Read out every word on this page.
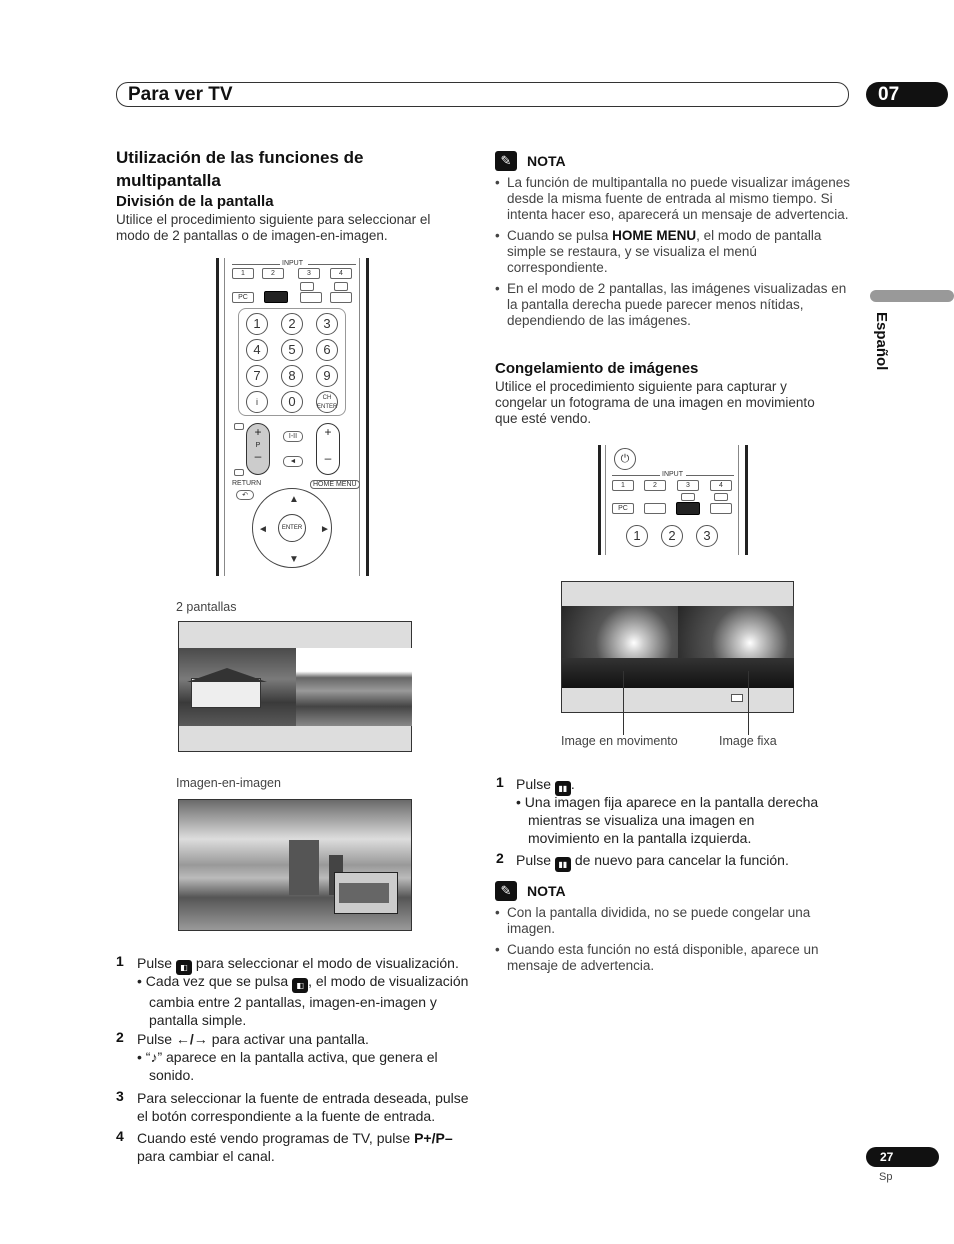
Para ver TV	07
Español
Utilización de las funciones de
multipantalla
División de la pantalla

Utilice el procedimiento siguiente para seleccionar el
modo de 2 pantallas o de imagen-en-imagen.

INPUT
1	2	3	4
PC
1	2	3
4	5	6
7	8	9
i	0	CH ENTER
+
P
–
I-II
◄
+
–
RETURN	HOME MENU
↶
ENTER
▲
▼
◄	►
2 pantallas
Imagen-en-imagen
1 Pulse ◧ para seleccionar el modo de visualización.
• Cada vez que se pulsa ◧ , el modo de visualización
cambia entre 2 pantallas, imagen-en-imagen y
pantalla simple.
2 Pulse ←/→ para activar una pantalla.
• “♪” aparece en la pantalla activa, que genera el
sonido.
3 Para seleccionar la fuente de entrada deseada, pulse
el botón correspondiente a la fuente de entrada.
4 Cuando esté vendo programas de TV, pulse P+/P–
para cambiar el canal.
✎	NOTA
• La función de multipantalla no puede visualizar imágenes desde la misma fuente de entrada al mismo tiempo. Si intenta hacer eso, aparecerá un mensaje de advertencia.
• Cuando se pulsa HOME MENU, el modo de pantalla simple se restaura, y se visualiza el menú correspondiente.
• En el modo de 2 pantallas, las imágenes visualizadas en la pantalla derecha puede parecer menos nítidas, dependiendo de las imágenes.
Congelamiento de imágenes

Utilice el procedimiento siguiente para capturar y
congelar un fotograma de una imagen en movimiento
que esté vendo.

⏻
INPUT
1	2	3	4
PC
1	2	3
Image en movimento	Image fixa
1 Pulse ▮▮ .
• Una imagen fija aparece en la pantalla derecha
mientras se visualiza una imagen en
movimiento en la pantalla izquierda.
2 Pulse ▮▮ de nuevo para cancelar la función.
✎	NOTA
• Con la pantalla dividida, no se puede congelar una imagen.
• Cuando esta función no está disponible, aparece un mensaje de advertencia.
27
Sp
